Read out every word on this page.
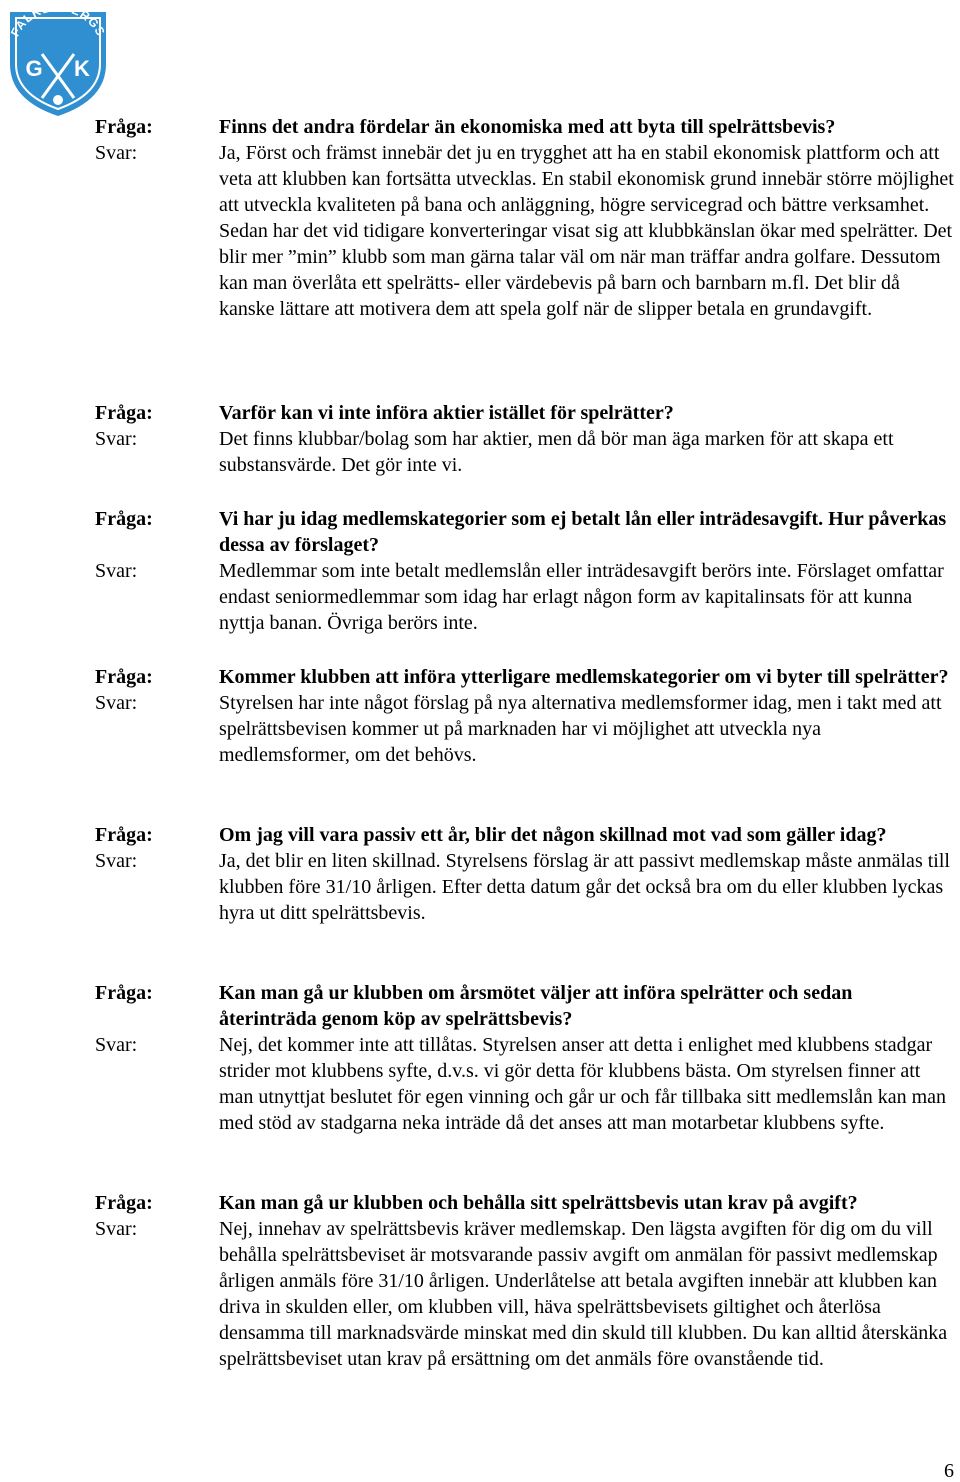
FALKENBERGS
G K
Fråga:	Finns det andra fördelar än ekonomiska med att byta till spelrättsbevis?
Svar:	Ja, Först och främst innebär det ju en trygghet att ha en stabil ekonomisk plattform och att veta att klubben kan fortsätta utvecklas. En stabil ekonomisk grund innebär större möjlighet att utveckla kvaliteten på bana och anläggning, högre servicegrad och bättre verksamhet. Sedan har det vid tidigare konverteringar visat sig att klubbkänslan ökar med spelrätter. Det blir mer ”min” klubb som man gärna talar väl om när man träffar andra golfare. Dessutom kan man överlåta ett spelrätts- eller värdebevis på barn och barnbarn m.fl. Det blir då kanske lättare att motivera dem att spela golf när de slipper betala en grundavgift.
Fråga:	Varför kan vi inte införa aktier istället för spelrätter?
Svar:	Det finns klubbar/bolag som har aktier, men då bör man äga marken för att skapa ett substansvärde. Det gör inte vi.
Fråga:	Vi har ju idag medlemskategorier som ej betalt lån eller inträdesavgift. Hur påverkas dessa av förslaget?
Svar:	Medlemmar som inte betalt medlemslån eller inträdesavgift berörs inte. Förslaget omfattar endast seniormedlemmar som idag har erlagt någon form av kapitalinsats för att kunna nyttja banan. Övriga berörs inte.
Fråga:	Kommer klubben att införa ytterligare medlemskategorier om vi byter till spelrätter?
Svar:	Styrelsen har inte något förslag på nya alternativa medlemsformer idag, men i takt med att spelrättsbevisen kommer ut på marknaden har vi möjlighet att utveckla nya medlemsformer, om det behövs.
Fråga:	Om jag vill vara passiv ett år, blir det någon skillnad mot vad som gäller idag?
Svar:	Ja, det blir en liten skillnad. Styrelsens förslag är att passivt medlemskap måste anmälas till klubben före 31/10 årligen. Efter detta datum går det också bra om du eller klubben lyckas hyra ut ditt spelrättsbevis.
Fråga:	Kan man gå ur klubben om årsmötet väljer att införa spelrätter och sedan återinträda genom köp av spelrättsbevis?
Svar:	Nej, det kommer inte att tillåtas. Styrelsen anser att detta i enlighet med klubbens stadgar strider mot klubbens syfte, d.v.s. vi gör detta för klubbens bästa. Om styrelsen finner att man utnyttjat beslutet för egen vinning och går ur och får tillbaka sitt medlemslån kan man med stöd av stadgarna neka inträde då det anses att man motarbetar klubbens syfte.
Fråga:	Kan man gå ur klubben och behålla sitt spelrättsbevis utan krav på avgift?
Svar:	Nej, innehav av spelrättsbevis kräver medlemskap. Den lägsta avgiften för dig om du vill behålla spelrättsbeviset är motsvarande passiv avgift om anmälan för passivt medlemskap årligen anmäls före 31/10 årligen. Underlåtelse att betala avgiften innebär att klubben kan driva in skulden eller, om klubben vill, häva spelrättsbevisets giltighet och återlösa densamma till marknadsvärde minskat med din skuld till klubben. Du kan alltid återskänka spelrättsbeviset utan krav på ersättning om det anmäls före ovanstående tid.
6
